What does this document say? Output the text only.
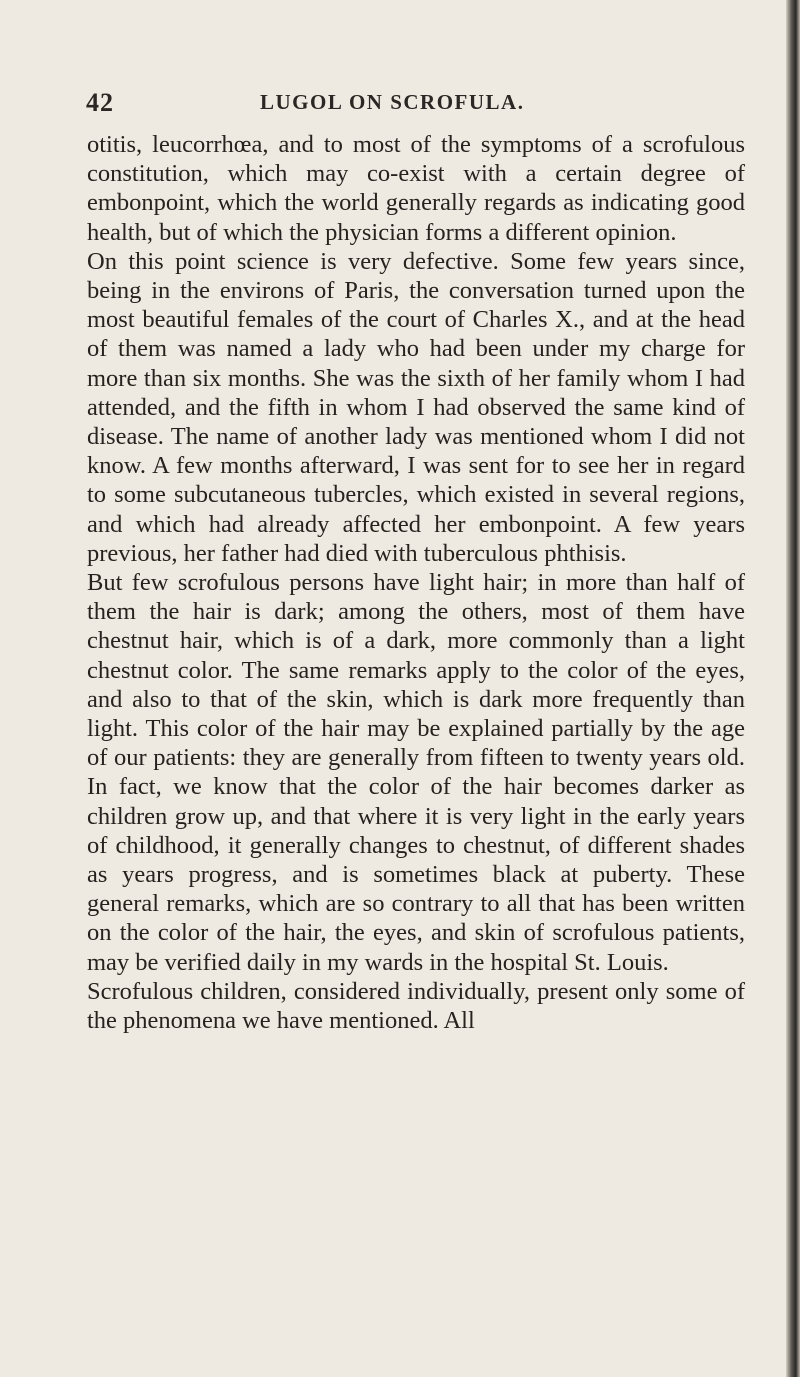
42	LUGOL ON SCROFULA.

otitis, leucorrhœa, and to most of the symptoms of a scrofulous constitution, which may co-exist with a certain degree of embonpoint, which the world generally regards as indicating good health, but of which the physician forms a different opinion.

On this point science is very defective. Some few years since, being in the environs of Paris, the conversation turned upon the most beautiful females of the court of Charles X., and at the head of them was named a lady who had been under my charge for more than six months. She was the sixth of her family whom I had attended, and the fifth in whom I had observed the same kind of disease. The name of another lady was mentioned whom I did not know. A few months afterward, I was sent for to see her in regard to some subcutaneous tubercles, which existed in several regions, and which had already affected her embonpoint. A few years previous, her father had died with tuberculous phthisis.

But few scrofulous persons have light hair; in more than half of them the hair is dark; among the others, most of them have chestnut hair, which is of a dark, more commonly than a light chestnut color. The same remarks apply to the color of the eyes, and also to that of the skin, which is dark more frequently than light. This color of the hair may be explained partially by the age of our patients: they are generally from fifteen to twenty years old. In fact, we know that the color of the hair becomes darker as children grow up, and that where it is very light in the early years of childhood, it generally changes to chestnut, of different shades as years progress, and is sometimes black at puberty. These general remarks, which are so contrary to all that has been written on the color of the hair, the eyes, and skin of scrofulous patients, may be verified daily in my wards in the hospital St. Louis.

Scrofulous children, considered individually, present only some of the phenomena we have mentioned. All
